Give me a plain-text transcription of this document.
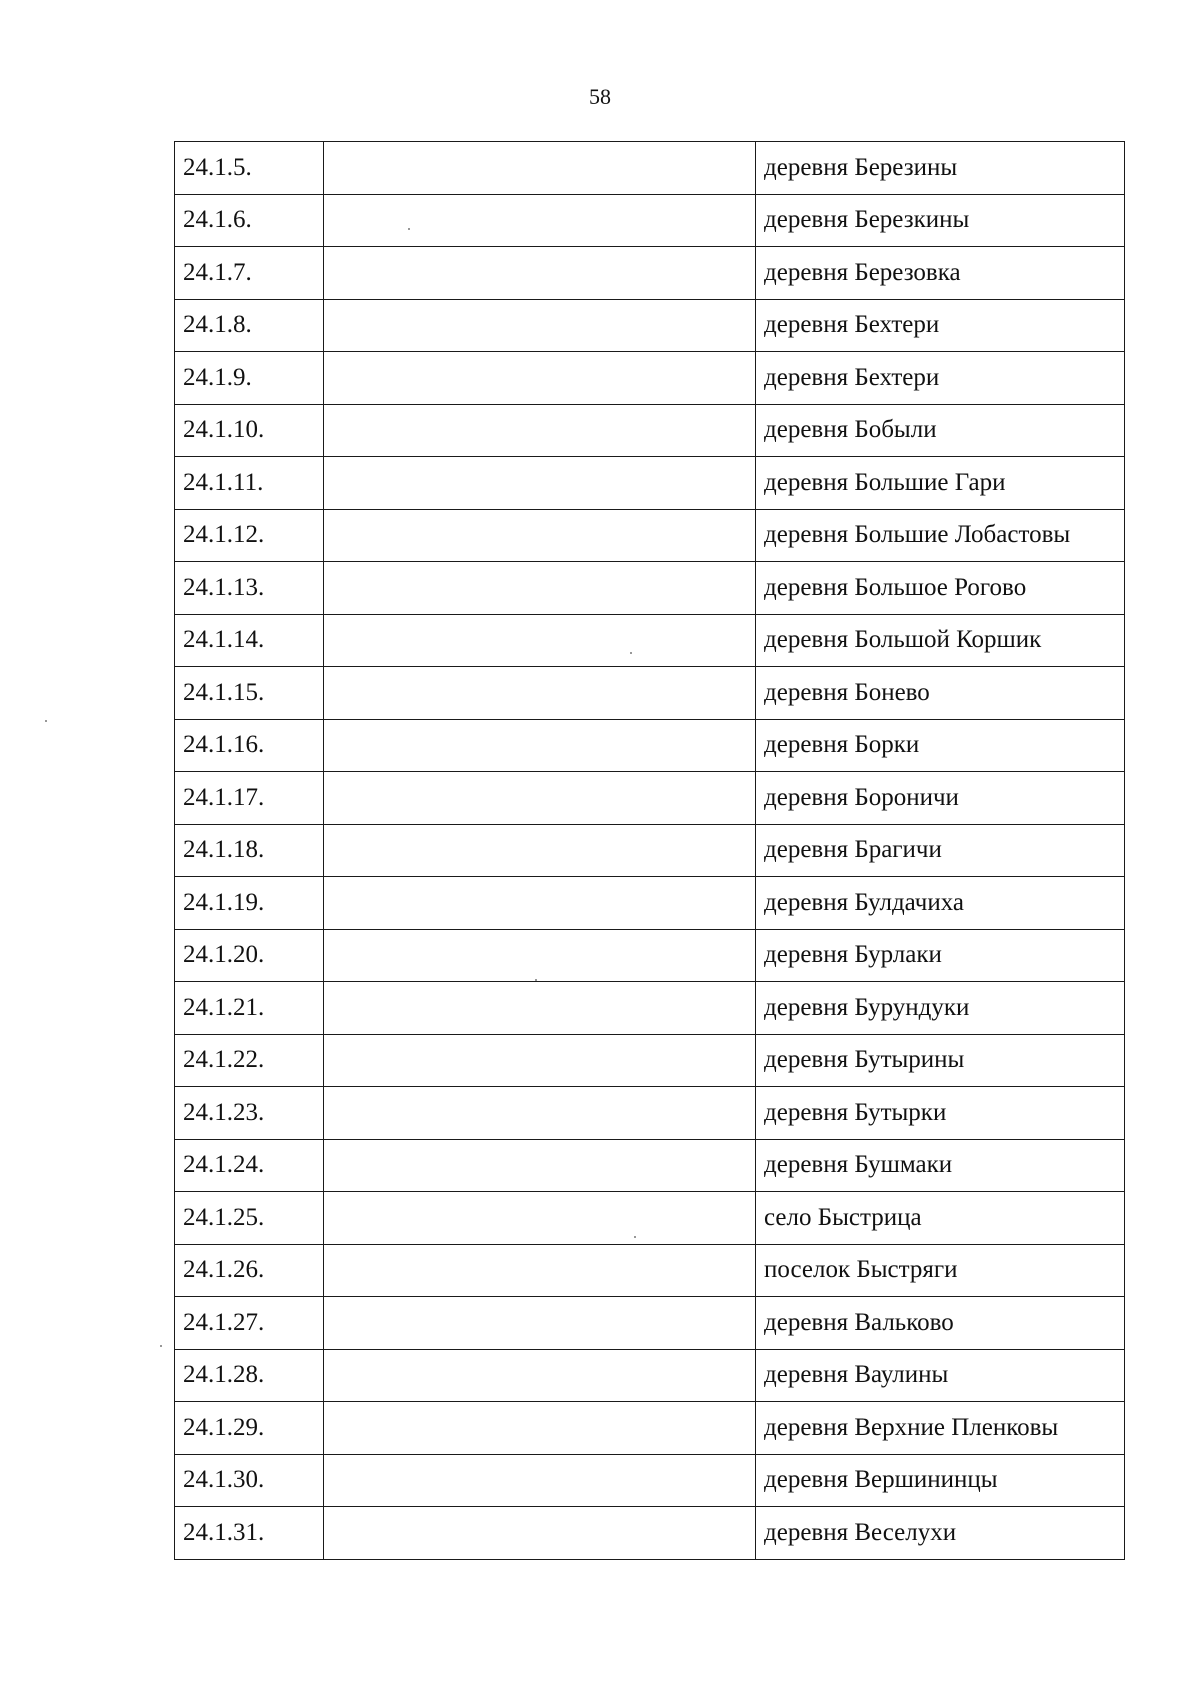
58
24.1.5.		деревня Березины
24.1.6.		деревня Березкины
24.1.7.		деревня Березовка
24.1.8.		деревня Бехтери
24.1.9.		деревня Бехтери
24.1.10.		деревня Бобыли
24.1.11.		деревня Большие Гари
24.1.12.		деревня Большие Лобастовы
24.1.13.		деревня Большое Рогово
24.1.14.		деревня Большой Коршик
24.1.15.		деревня Бонево
24.1.16.		деревня Борки
24.1.17.		деревня Бороничи
24.1.18.		деревня Брагичи
24.1.19.		деревня Булдачиха
24.1.20.		деревня Бурлаки
24.1.21.		деревня Бурундуки
24.1.22.		деревня Бутырины
24.1.23.		деревня Бутырки
24.1.24.		деревня Бушмаки
24.1.25.		село Быстрица
24.1.26.		поселок Быстряги
24.1.27.		деревня Вальково
24.1.28.		деревня Ваулины
24.1.29.		деревня Верхние Пленковы
24.1.30.		деревня Вершининцы
24.1.31.		деревня Веселухи
